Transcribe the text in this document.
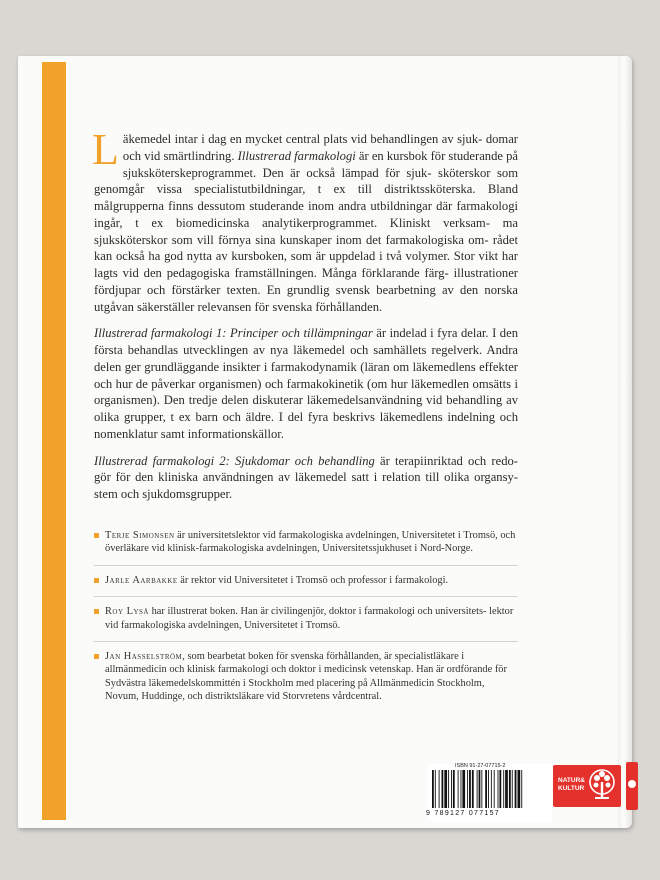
Läkemedel intar i dag en mycket central plats vid behandlingen av sjuk- domar och vid smärtlindring. Illustrerad farmakologi är en kursbok för studerande på sjuksköterskeprogrammet. Den är också lämpad för sjuk- sköterskor som genomgår vissa specialistutbildningar, t ex till distriktssköterska. Bland målgrupperna finns dessutom studerande inom andra utbildningar där farmakologi ingår, t ex biomedicinska analytikerprogrammet. Kliniskt verksam- ma sjuksköterskor som vill förnya sina kunskaper inom det farmakologiska om- rådet kan också ha god nytta av kursboken, som är uppdelad i två volymer. Stor vikt har lagts vid den pedagogiska framställningen. Många förklarande färg- illustrationer fördjupar och förstärker texten. En grundlig svensk bearbetning av den norska utgåvan säkerställer relevansen för svenska förhållanden.

Illustrerad farmakologi 1: Principer och tillämpningar är indelad i fyra delar. I den första behandlas utvecklingen av nya läkemedel och samhällets regelverk. Andra delen ger grundläggande insikter i farmakodynamik (läran om läkemedlens effekter och hur de påverkar organismen) och farmakokinetik (om hur läkemedlen omsätts i organismen). Den tredje delen diskuterar läkemedelsanvändning vid behandling av olika grupper, t ex barn och äldre. I del fyra beskrivs läkemedlens indelning och nomenklatur samt informationskällor.

Illustrerad farmakologi 2: Sjukdomar och behandling är terapiinriktad och redo- gör för den kliniska användningen av läkemedel satt i relation till olika organsy- stem och sjukdomsgrupper.

Terje Simonsen är universitetslektor vid farmakologiska avdelningen, Universitetet i Tromsö, och överläkare vid klinisk-farmakologiska avdelningen, Universitetssjukhuset i Nord-Norge.
Jarle Aarbakke är rektor vid Universitetet i Tromsö och professor i farmakologi.
Roy Lyså har illustrerat boken. Han är civilingenjör, doktor i farmakologi och universitets- lektor vid farmakologiska avdelningen, Universitetet i Tromsö.
Jan Hasselström, som bearbetat boken för svenska förhållanden, är specialistläkare i allmänmedicin och klinisk farmakologi och doktor i medicinsk vetenskap. Han är ordförande för Sydvästra läkemedelskommittén i Stockholm med placering på Allmänmedicin Stockholm, Novum, Huddinge, och distriktsläkare vid Storvretens vårdcentral.
ISBN 91-27-07715-2
9 789127 077157
NATUR&
KULTUR
